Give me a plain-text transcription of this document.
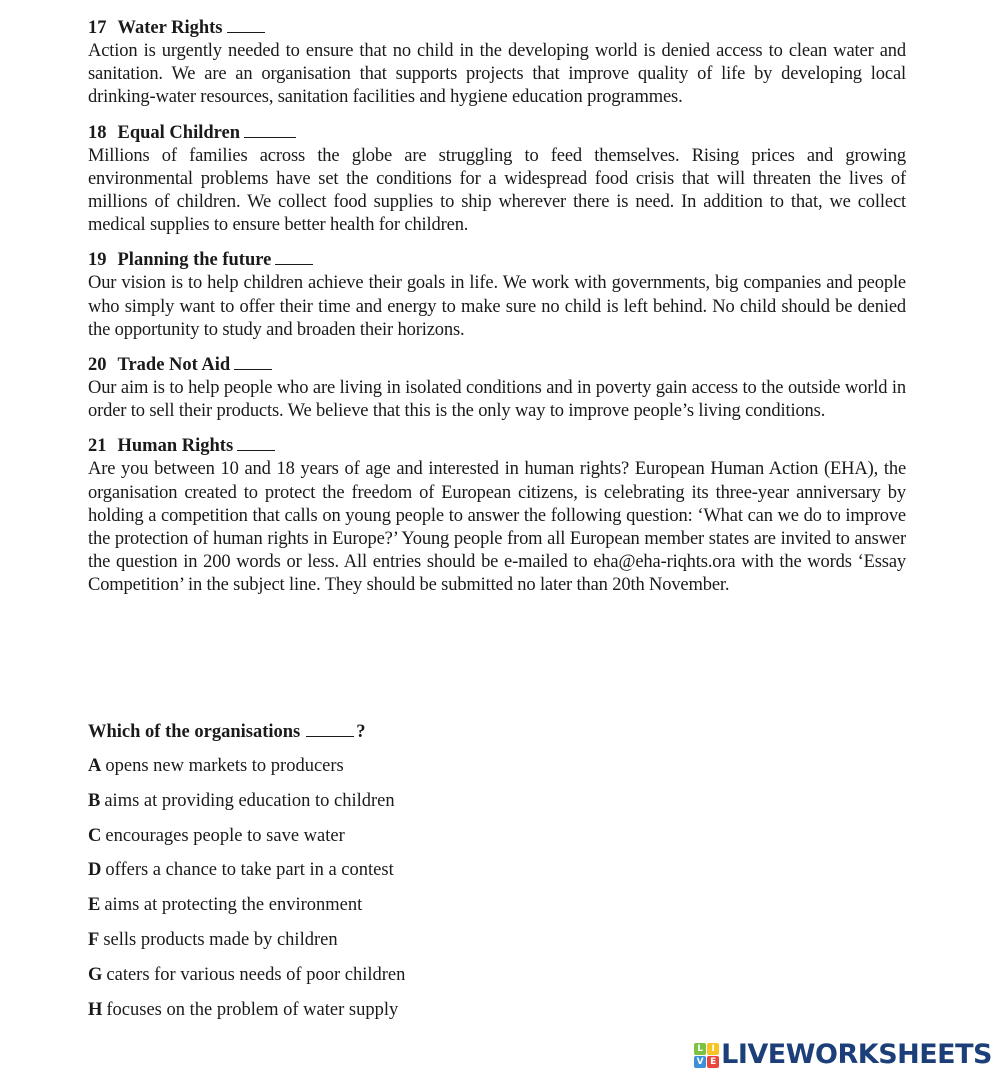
17 Water Rights
Action is urgently needed to ensure that no child in the developing world is denied access to clean water and sanitation. We are an organisation that supports projects that improve quality of life by developing local drinking-water resources, sanitation facilities and hygiene education programmes.
18 Equal Children
Millions of families across the globe are struggling to feed themselves. Rising prices and growing environmental problems have set the conditions for a widespread food crisis that will threaten the lives of millions of children. We collect food supplies to ship wherever there is need. In addition to that, we collect medical supplies to ensure better health for children.
19 Planning the future
Our vision is to help children achieve their goals in life. We work with governments, big companies and people who simply want to offer their time and energy to make sure no child is left behind. No child should be denied the opportunity to study and broaden their horizons.
20 Trade Not Aid
Our aim is to help people who are living in isolated conditions and in poverty gain access to the outside world in order to sell their products. We believe that this is the only way to improve people’s living conditions.
21 Human Rights
Are you between 10 and 18 years of age and interested in human rights? European Human Action (EHA), the organisation created to protect the freedom of European citizens, is celebrating its three-year anniversary by holding a competition that calls on young people to answer the following question: ‘What can we do to improve the protection of human rights in Europe?’ Young people from all European member states are invited to answer the question in 200 words or less. All entries should be e-mailed to eha@eha-riqhts.ora with the words ‘Essay Competition’ in the subject line. They should be submitted no later than 20th November.
Which of the organisations	?
A opens new markets to producers
B aims at providing education to children
C encourages people to save water
D offers a chance to take part in a contest
E aims at protecting the environment
F sells products made by children
G caters for various needs of poor children
H focuses on the problem of water supply
L I
V E LIVEWORKSHEETS
